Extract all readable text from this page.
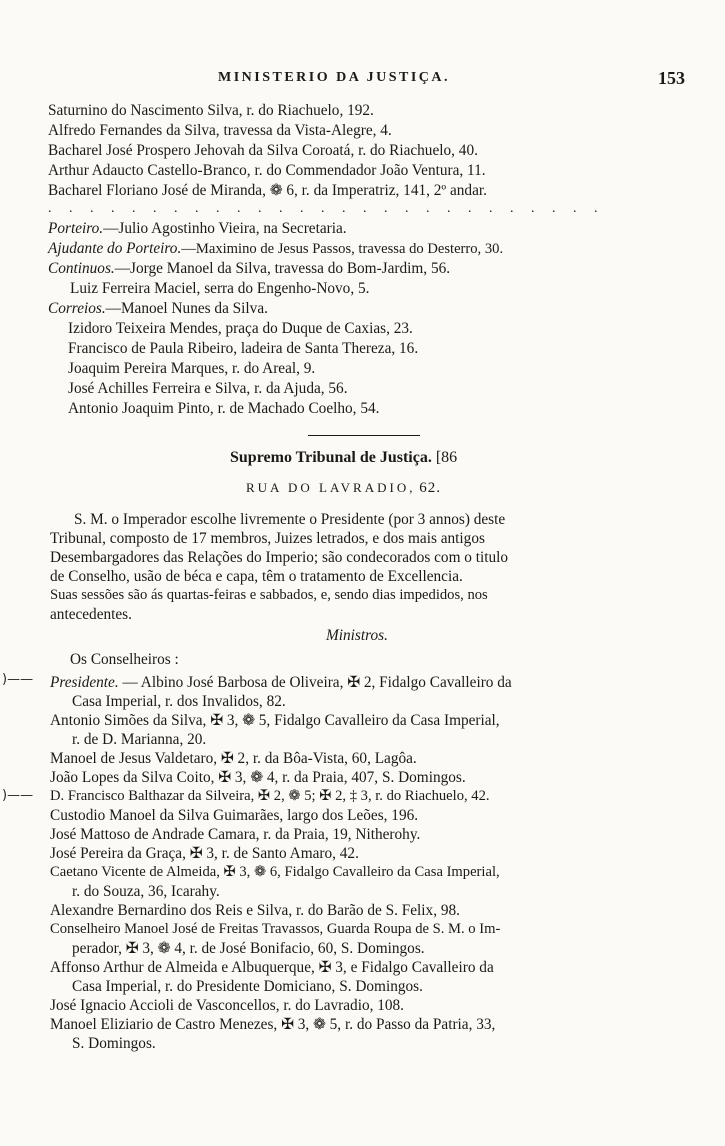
MINISTERIO DA JUSTIÇA.	153
Saturnino do Nascimento Silva, r. do Riachuelo, 192.
Alfredo Fernandes da Silva, travessa da Vista-Alegre, 4.
Bacharel José Prospero Jehovah da Silva Coroatá, r. do Riachuelo, 40.
Arthur Adaucto Castello-Branco, r. do Commendador João Ventura, 11.
Bacharel Floriano José de Miranda, ❁ 6, r. da Imperatriz, 141, 2º andar.
. . . . . . . . . . . . . . . . . . . . . . . . . . .
Porteiro.—Julio Agostinho Vieira, na Secretaria.
Ajudante do Porteiro.—Maximino de Jesus Passos, travessa do Desterro, 30.
Continuos.—Jorge Manoel da Silva, travessa do Bom-Jardim, 56.
Luiz Ferreira Maciel, serra do Engenho-Novo, 5.
Correios.—Manoel Nunes da Silva.
Izidoro Teixeira Mendes, praça do Duque de Caxias, 23.
Francisco de Paula Ribeiro, ladeira de Santa Thereza, 16.
Joaquim Pereira Marques, r. do Areal, 9.
José Achilles Ferreira e Silva, r. da Ajuda, 56.
Antonio Joaquim Pinto, r. de Machado Coelho, 54.
Supremo Tribunal de Justiça. [86
RUA DO LAVRADIO, 62.
S. M. o Imperador escolhe livremente o Presidente (por 3 annos) deste
Tribunal, composto de 17 membros, Juizes letrados, e dos mais antigos
Desembargadores das Relações do Imperio; são condecorados com o titulo
de Conselho, usão de béca e capa, têm o tratamento de Excellencia.
Suas sessões são ás quartas-feiras e sabbados, e, sendo dias impedidos, nos
antecedentes.
Ministros.
Os Conselheiros :
)——
)——
Presidente. — Albino José Barbosa de Oliveira, ✠ 2, Fidalgo Cavalleiro da
Casa Imperial, r. dos Invalidos, 82.
Antonio Simões da Silva, ✠ 3, ❁ 5, Fidalgo Cavalleiro da Casa Imperial,
r. de D. Marianna, 20.
Manoel de Jesus Valdetaro, ✠ 2, r. da Bôa-Vista, 60, Lagôa.
João Lopes da Silva Coito, ✠ 3, ❁ 4, r. da Praia, 407, S. Domingos.
D. Francisco Balthazar da Silveira, ✠ 2, ❁ 5; ✠ 2, ‡ 3, r. do Riachuelo, 42.
Custodio Manoel da Silva Guimarães, largo dos Leões, 196.
José Mattoso de Andrade Camara, r. da Praia, 19, Nitherohy.
José Pereira da Graça, ✠ 3, r. de Santo Amaro, 42.
Caetano Vicente de Almeida, ✠ 3, ❁ 6, Fidalgo Cavalleiro da Casa Imperial,
r. do Souza, 36, Icarahy.
Alexandre Bernardino dos Reis e Silva, r. do Barão de S. Felix, 98.
Conselheiro Manoel José de Freitas Travassos, Guarda Roupa de S. M. o Im-
perador, ✠ 3, ❁ 4, r. de José Bonifacio, 60, S. Domingos.
Affonso Arthur de Almeida e Albuquerque, ✠ 3, e Fidalgo Cavalleiro da
Casa Imperial, r. do Presidente Domiciano, S. Domingos.
José Ignacio Accioli de Vasconcellos, r. do Lavradio, 108.
Manoel Eliziario de Castro Menezes, ✠ 3, ❁ 5, r. do Passo da Patria, 33,
S. Domingos.
